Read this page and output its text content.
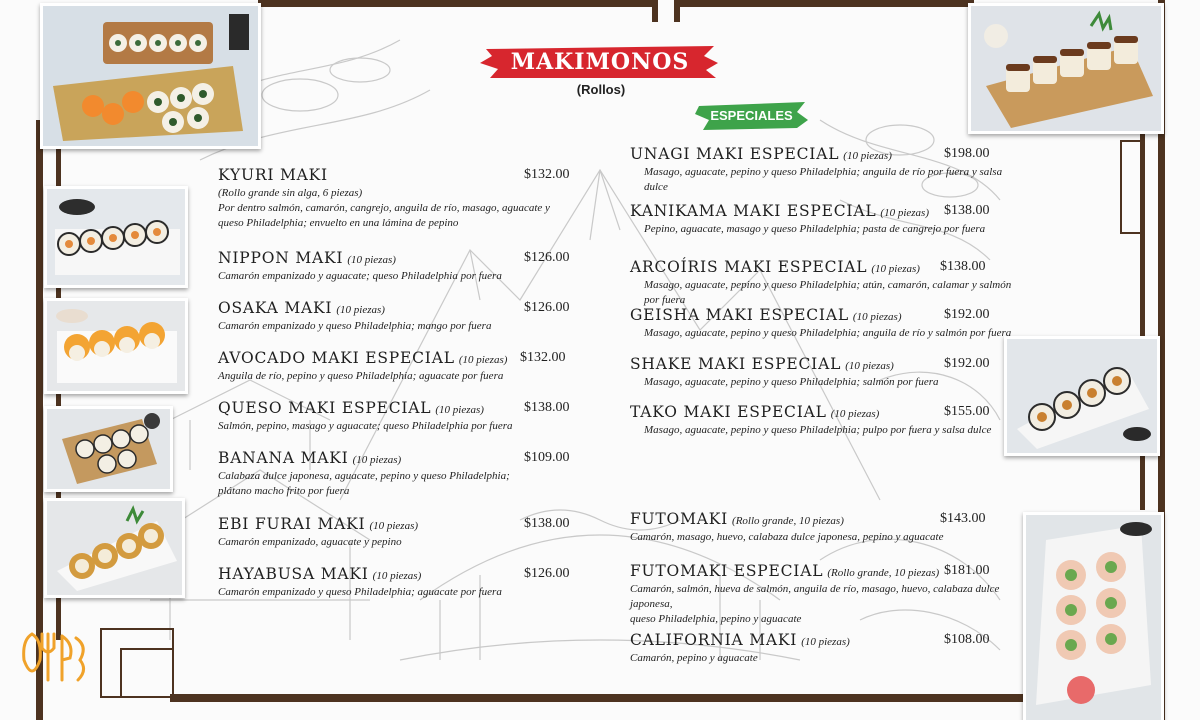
MAKIMONOS
(Rollos)
ESPECIALES
KYURI MAKI	$132.00
(Rollo grande sin alga, 6 piezas)
Por dentro salmón, camarón, cangrejo, anguila de río, masago, aguacate y
queso Philadelphia; envuelto en una lámina de pepino
NIPPON MAKI (10 piezas)	$126.00
Camarón empanizado y aguacate; queso Philadelphia por fuera
OSAKA MAKI (10 piezas)	$126.00
Camarón empanizado y queso Philadelphia; mango por fuera
AVOCADO MAKI ESPECIAL (10 piezas) $132.00
Anguila de río, pepino y queso Philadelphia; aguacate por fuera
QUESO MAKI ESPECIAL (10 piezas)	$138.00
Salmón, pepino, masago y aguacate; queso Philadelphia por fuera
BANANA MAKI (10 piezas)	$109.00
Calabaza dulce japonesa, aguacate, pepino y queso Philadelphia;
plátano macho frito por fuera
EBI FURAI MAKI (10 piezas)	$138.00
Camarón empanizado, aguacate y pepino
HAYABUSA MAKI (10 piezas)	$126.00
Camarón empanizado y queso Philadelphia; aguacate por fuera
UNAGI MAKI ESPECIAL (10 piezas)	$198.00
Masago, aguacate, pepino y queso Philadelphia; anguila de río por fuera y salsa dulce
KANIKAMA MAKI ESPECIAL (10 piezas)	$138.00
Pepino, aguacate, masago y queso Philadelphia; pasta de cangrejo por fuera
ARCOÍRIS MAKI ESPECIAL (10 piezas)	$138.00
Masago, aguacate, pepino y queso Philadelphia; atún, camarón, calamar y salmón por fuera
GEISHA MAKI ESPECIAL (10 piezas)	$192.00
Masago, aguacate, pepino y queso Philadelphia; anguila de río y salmón por fuera
SHAKE MAKI ESPECIAL (10 piezas)	$192.00
Masago, aguacate, pepino y queso Philadelphia; salmón por fuera
TAKO MAKI ESPECIAL (10 piezas)	$155.00
Masago, aguacate, pepino y queso Philadelphia; pulpo por fuera y salsa dulce
FUTOMAKI (Rollo grande, 10 piezas)	$143.00
Camarón, masago, huevo, calabaza dulce japonesa, pepino y aguacate
FUTOMAKI ESPECIAL (Rollo grande, 10 piezas) $181.00
Camarón, salmón, hueva de salmón, anguila de río, masago, huevo, calabaza dulce japonesa,
queso Philadelphia, pepino y aguacate
CALIFORNIA MAKI (10 piezas)	$108.00
Camarón, pepino y aguacate
